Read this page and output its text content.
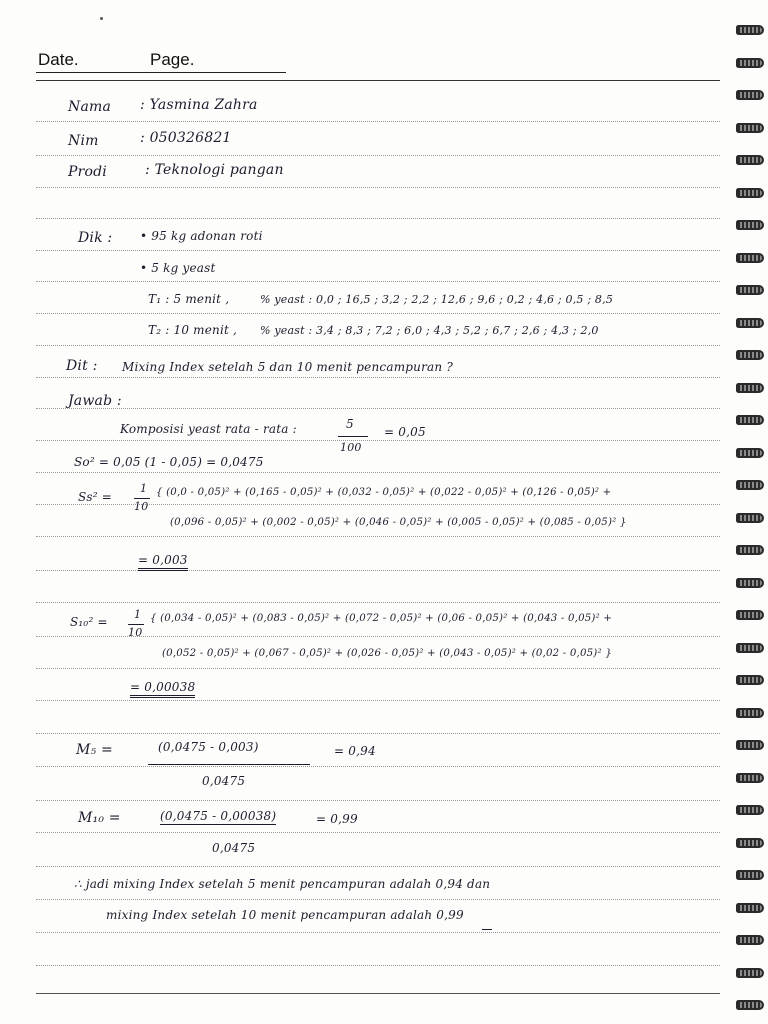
Date.	Page.
Nama : Yasmina Zahra
Nim	: 050326821
Prodi	: Teknologi pangan
Dik : • 95 kg adonan roti
• 5 kg yeast
T₁ : 5 menit ,	% yeast : 0,0 ; 16,5 ; 3,2 ; 2,2 ; 12,6 ; 9,6 ; 0,2 ; 4,6 ; 0,5 ; 8,5
T₂ : 10 menit , % yeast : 3,4 ; 8,3 ; 7,2 ; 6,0 ; 4,3 ; 5,2 ; 6,7 ; 2,6 ; 4,3 ; 2,0
Dit : Mixing Index setelah 5 dan 10 menit pencampuran ?
Jawab :
Komposisi yeast rata - rata :	5
100
= 0,05
So² = 0,05 (1 - 0,05) = 0,0475
Ss² =
1
10
{ (0,0 - 0,05)² + (0,165 - 0,05)² + (0,032 - 0,05)² + (0,022 - 0,05)² + (0,126 - 0,05)² +
(0,096 - 0,05)² + (0,002 - 0,05)² + (0,046 - 0,05)² + (0,005 - 0,05)² + (0,085 - 0,05)² }
= 0,003
S₁₀² =
1
10
{ (0,034 - 0,05)² + (0,083 - 0,05)² + (0,072 - 0,05)² + (0,06 - 0,05)² + (0,043 - 0,05)² +
(0,052 - 0,05)² + (0,067 - 0,05)² + (0,026 - 0,05)² + (0,043 - 0,05)² + (0,02 - 0,05)² }
= 0,00038
M₅ =	(0,0475 - 0,003)	= 0,94
0,0475
M₁₀ =	(0,0475 - 0,00038)	= 0,99
0,0475
∴ jadi mixing Index setelah 5 menit pencampuran adalah 0,94 dan
mixing Index setelah 10 menit pencampuran adalah 0,99
